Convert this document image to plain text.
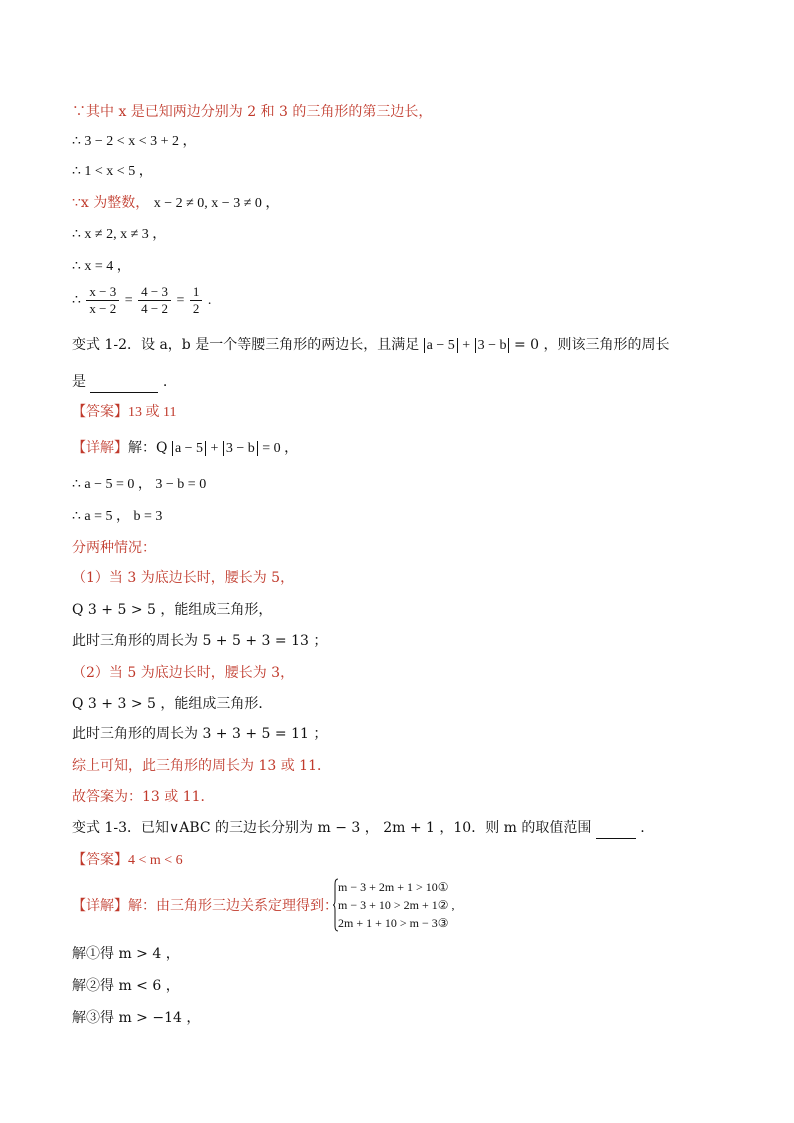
∵其中 x 是已知两边分别为 2 和 3 的三角形的第三边长，
∴ 3 − 2 < x < 3 + 2 ，
∴ 1 < x < 5 ，
∵x 为整数， x − 2 ≠ 0, x − 3 ≠ 0 ，
∴ x ≠ 2, x ≠ 3 ，
∴ x = 4 ，
∴ $\frac{x - 3}{x - 2} = \frac{4 - 3}{4 - 2} = \frac{1}{2}$ .
变式 1-2．设 a，b 是一个等腰三角形的两边长，且满足 a − 5 + 3 − b = 0 ，则该三角形的周长
是	.
【答案】13 或 11
【详解】解：Q a − 5 + 3 − b = 0 ，
∴ a − 5 = 0 ， 3 − b = 0
∴ a = 5 ， b = 3
分两种情况：
（1）当 3 为底边长时，腰长为 5，
Q 3 + 5 > 5 ，能组成三角形，
此时三角形的周长为 5 + 5 + 3 = 13 ；
（2）当 5 为底边长时，腰长为 3，
Q 3 + 3 > 5 ，能组成三角形．
此时三角形的周长为 3 + 3 + 5 = 11 ；
综上可知，此三角形的周长为 13 或 11．
故答案为：13 或 11．
变式 1-3．已知∨ABC 的三边长分别为 m − 3 ， 2m + 1 ，10．则 m 的取值范围	.
【答案】4 < m < 6
【详解】解：由三角形三边关系定理得到：
m − 3 + 2m + 1 > 10①
m − 3 + 10 > 2m + 1② ,
2m + 1 + 10 > m − 3③
解①得 m > 4 ，
解②得 m < 6 ，
解③得 m > −14 ，
